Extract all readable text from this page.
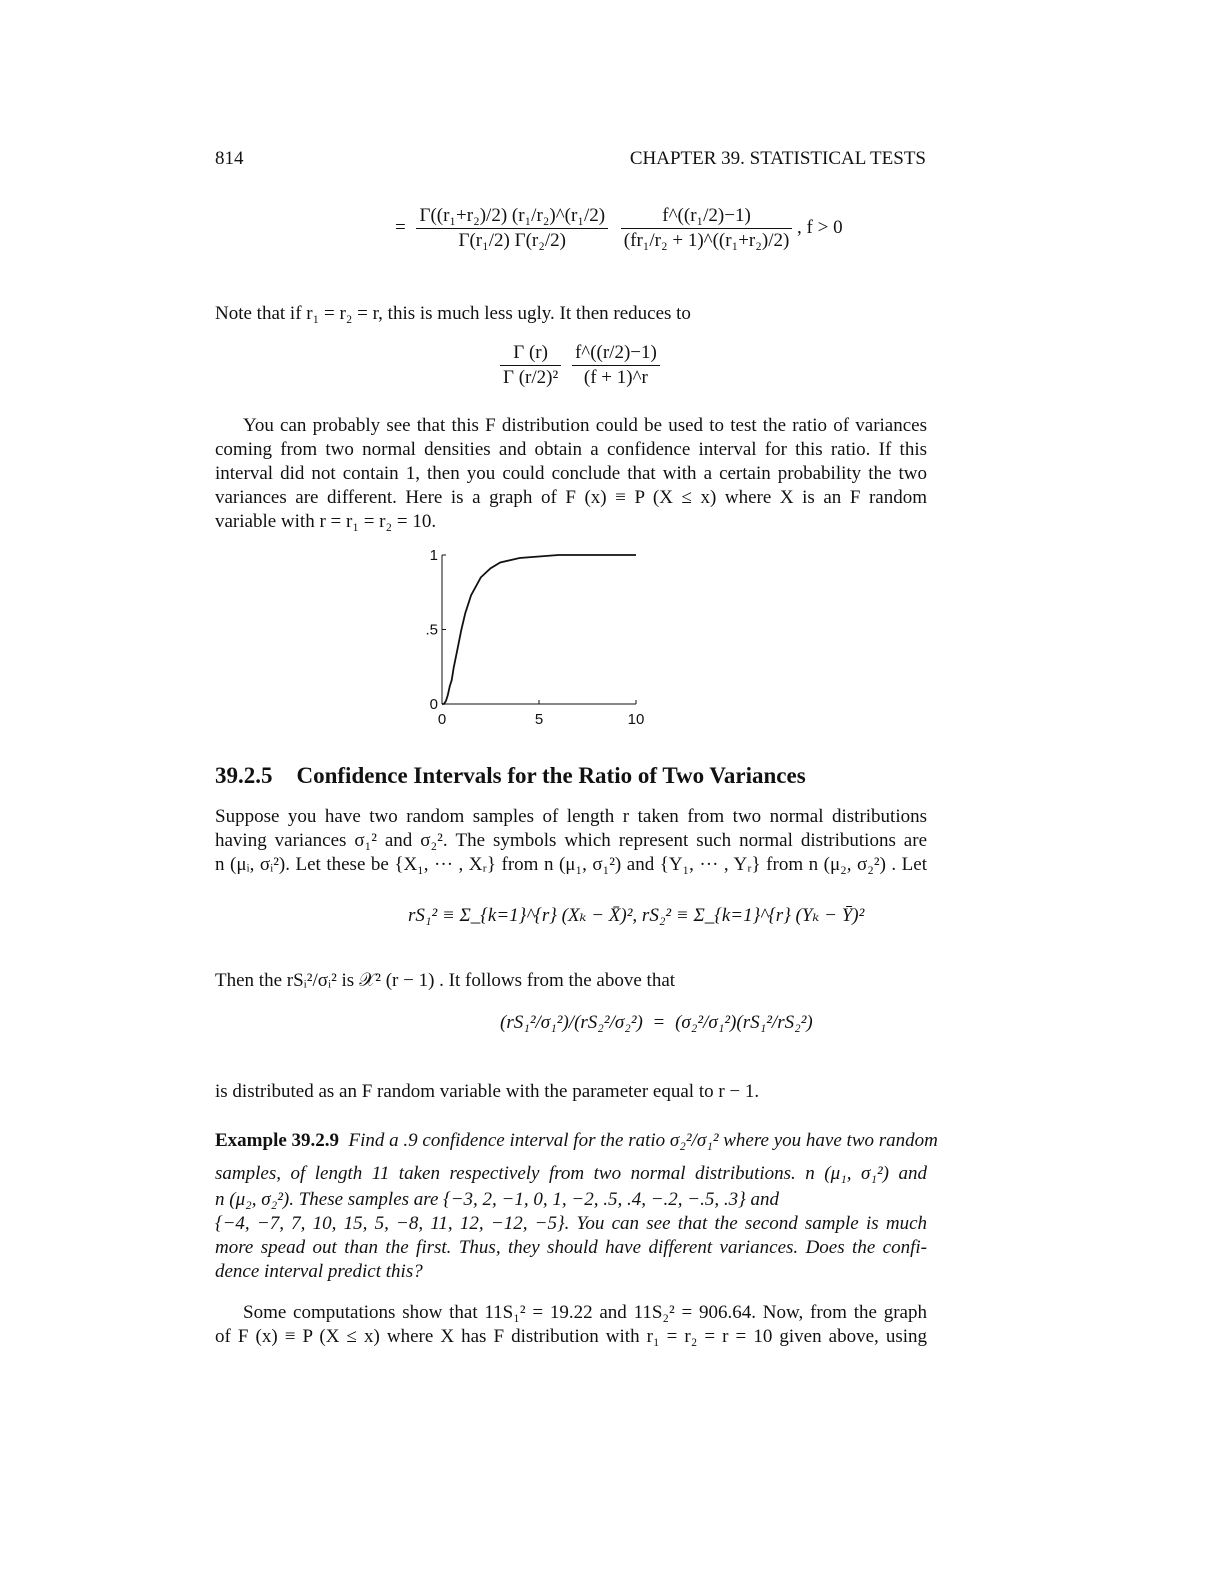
814	CHAPTER 39. STATISTICAL TESTS
= $\frac{\text{Γ((r₁+r₂)/2) (r₁/r₂)\textasciicircum{}(r₁/2)}}{\text{Γ(r₁/2) Γ(r₂/2)}}$
$\frac{\text{f\textasciicircum{}((r₁/2)−1)}}{\text{(fr₁/r₂ + 1)\textasciicircum{}((r₁+r₂)/2)}}$ , f > 0
Note that if r₁ = r₂ = r, this is much less ugly. It then reduces to
$\frac{\Gamma (r)}{\text{Γ (r/2)²}}$
$\frac{f\^{}((r/2)-1)}{(f + 1)\^{}r}$
You can probably see that this F distribution could be used to test the ratio of variances
coming from two normal densities and obtain a confidence interval for this ratio. If this
interval did not contain 1, then you could conclude that with a certain probability the two
variances are different. Here is a graph of F (x) ≡ P (X ≤ x) where X is an F random
variable with r = r₁ = r₂ = 10.
0	5	10
0
.5
1
39.2.5 Confidence Intervals for the Ratio of Two Variances
Suppose you have two random samples of length r taken from two normal distributions
having variances σ₁² and σ₂². The symbols which represent such normal distributions are
n (μᵢ, σᵢ²). Let these be {X₁, ··· , Xᵣ} from n (μ₁, σ₁²) and {Y₁, ··· , Yᵣ} from n (μ₂, σ₂²) . Let
rS₁² ≡ Σ_{k=1}^{r} (Xₖ − X̄)², rS₂² ≡ Σ_{k=1}^{r} (Yₖ − Ȳ)²
Then the rSᵢ²/σᵢ² is 𝒳² (r − 1) . It follows from the above that
(rS₁²/σ₁²)/(rS₂²/σ₂²) = (σ₂²/σ₁²)(rS₁²/rS₂²)
is distributed as an F random variable with the parameter equal to r − 1.
Example 39.2.9 Find a .9 confidence interval for the ratio σ₂²/σ₁² where you have two random
samples, of length 11 taken respectively from two normal distributions. n (μ₁, σ₁²) and
n (μ₂, σ₂²). These samples are {−3, 2, −1, 0, 1, −2, .5, .4, −.2, −.5, .3} and
{−4, −7, 7, 10, 15, 5, −8, 11, 12, −12, −5}. You can see that the second sample is much
more spead out than the first. Thus, they should have different variances. Does the confi-
dence interval predict this?
Some computations show that 11S₁² = 19.22 and 11S₂² = 906.64. Now, from the graph
of F (x) ≡ P (X ≤ x) where X has F distribution with r₁ = r₂ = r = 10 given above, using
